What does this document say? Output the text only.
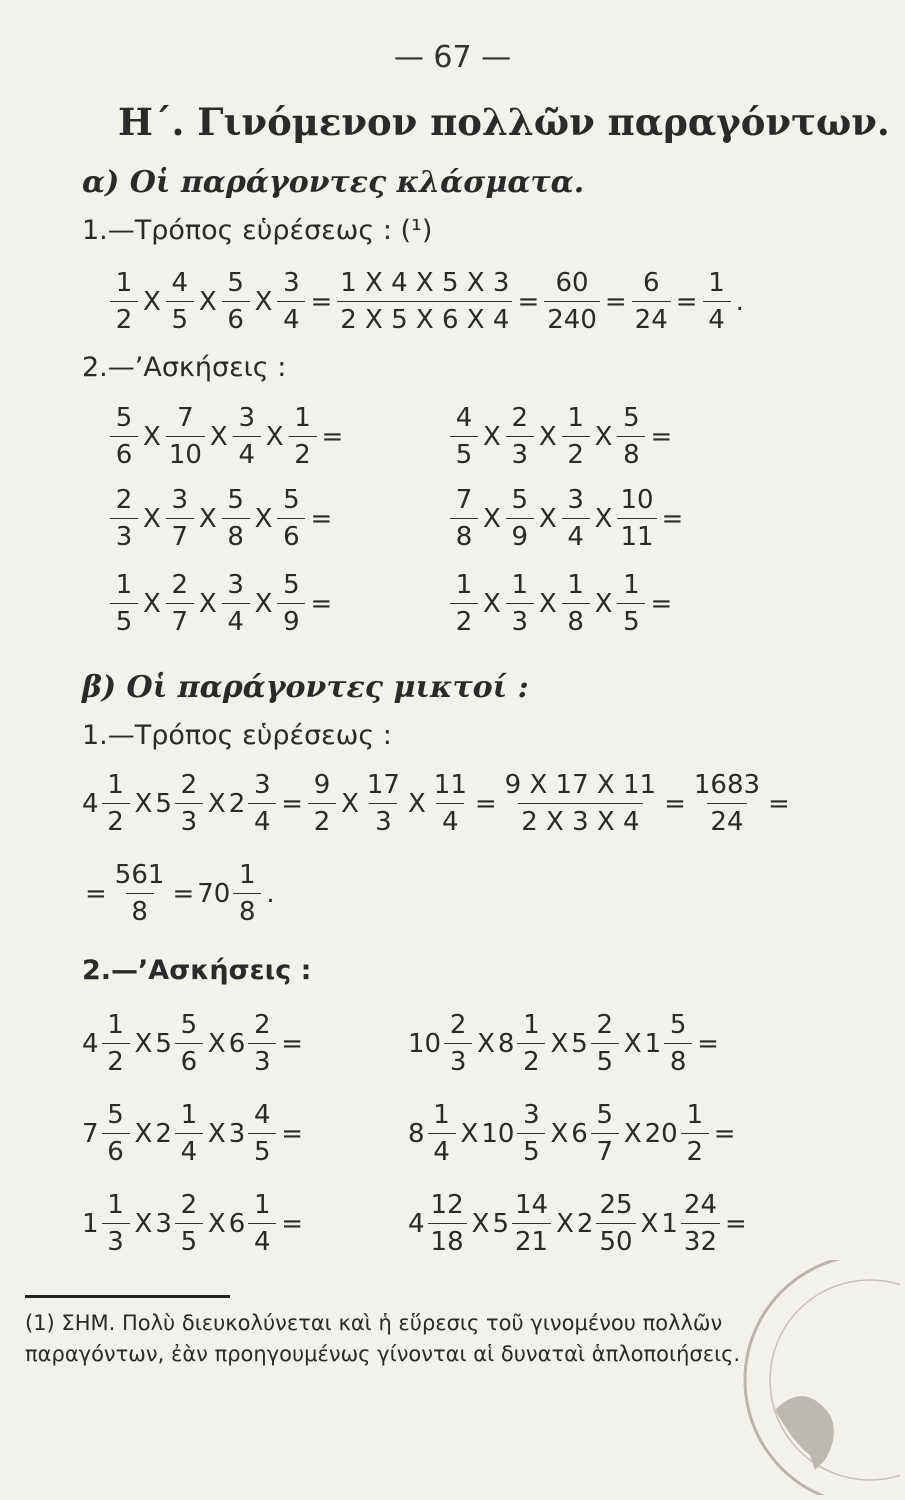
— 67 —
Η΄. Γινόμενον πολλῶν παραγόντων.
α) Οἱ παράγοντες κλάσματα.
1.—Τρόπος εὑρέσεως : (¹)
2.—’Ασκήσεις :
β) Οἱ παράγοντες μικτοί :
1.—Τρόπος εὑρέσεως :
2.—’Ασκήσεις :
$\frac{1}{2}$ X $\frac{4}{5}$ X $\frac{5}{6}$ X $\frac{3}{4} = \frac{1 X 4 X 5 X 3}{2 X 5 X 6 X 4} = \frac{60}{240} = \frac{6}{24} = \frac{1}{4}$ .
$\frac{5}{6}$ X $\frac{7}{10}$ X $\frac{3}{4}$ X $\frac{1}{2}$ =	$\frac{4}{5}$ X $\frac{2}{3}$ X $\frac{1}{2}$ X $\frac{5}{8}$ =
$\frac{2}{3}$ X $\frac{3}{7}$ X $\frac{5}{8}$ X $\frac{5}{6}$ =	$\frac{7}{8}$ X $\frac{5}{9}$ X $\frac{3}{4}$ X $\frac{10}{11}$ =
$\frac{1}{5}$ X $\frac{2}{7}$ X $\frac{3}{4}$ X $\frac{5}{9}$ =	$\frac{1}{2}$ X $\frac{1}{3}$ X $\frac{1}{8}$ X $\frac{1}{5}$ =
$4 \frac{1}{2}$ X $5 \frac{2}{3}$ X $2 \frac{3}{4} = \frac{9}{2}$ X $\frac{17}{3}$ X $\frac{11}{4} = \frac{9 X 17 X 11}{2 X 3 X 4} = \frac{1683}{24}$ =
= $\frac{561}{8} = 70 \frac{1}{8}$ .
$4 \frac{1}{2}$ X $5 \frac{5}{6}$ X $6 \frac{2}{3}$ =	$10 \frac{2}{3}$ X $8 \frac{1}{2}$ X $5 \frac{2}{5}$ X $1 \frac{5}{8}$ =
$7 \frac{5}{6}$ X $2 \frac{1}{4}$ X $3 \frac{4}{5}$ =	$8 \frac{1}{4}$ X $10 \frac{3}{5}$ X $6 \frac{5}{7}$ X $20 \frac{1}{2}$ =
$1 \frac{1}{3}$ X $3 \frac{2}{5}$ X $6 \frac{1}{4}$ =	$4 \frac{12}{18}$ X $5 \frac{14}{21}$ X $2 \frac{25}{50}$ X $1 \frac{24}{32}$ =
(1) ΣΗΜ. Πολὺ διευκολύνεται καὶ ἡ εὕρεσις τοῦ γινομένου πολλῶν παραγόντων, ἐὰν προηγουμένως γίνονται αἱ δυναταὶ ἁπλοποιήσεις.
